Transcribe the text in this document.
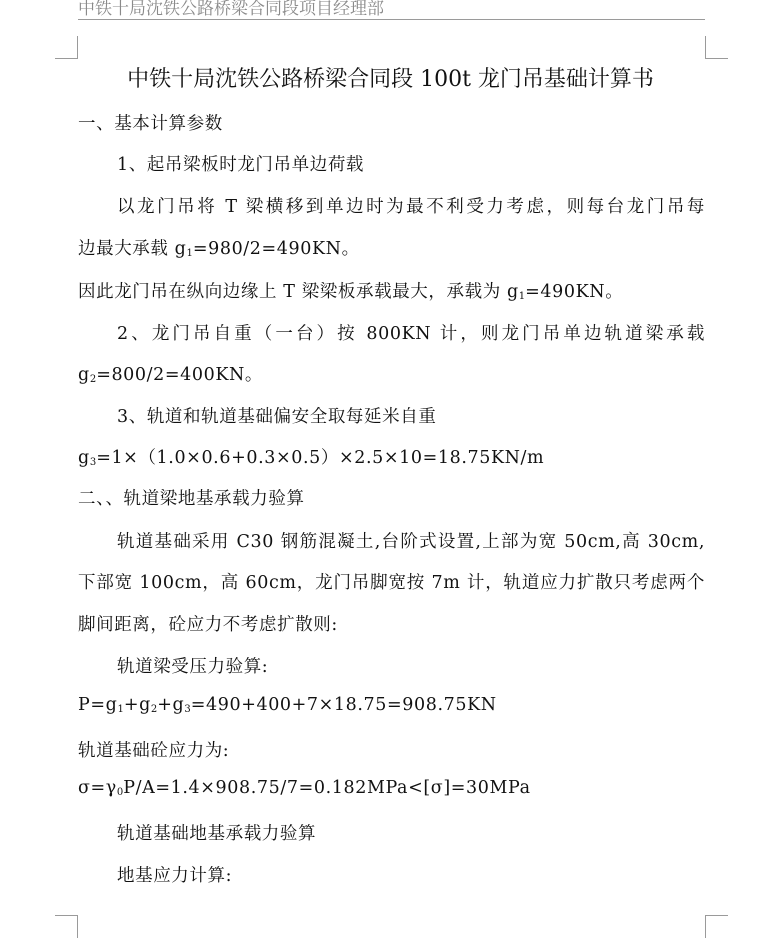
中铁十局沈铁公路桥梁合同段项目经理部
中铁十局沈铁公路桥梁合同段 100t 龙门吊基础计算书
一、基本计算参数
1、起吊梁板时龙门吊单边荷载
以龙门吊将 T 梁横移到单边时为最不利受力考虑，则每台龙门吊每
边最大承载 $g_1=980/2=490KN$。
因此龙门吊在纵向边缘上 T 梁梁板承载最大，承载为 $g_1=490KN$。
2、龙门吊自重（一台）按 800KN 计，则龙门吊单边轨道梁承载
$g_2=800/2=400KN$。
3、轨道和轨道基础偏安全取每延米自重
$g_3=1\times(1.0\times 0.6+0.3\times 0.5)\times 2.5\times 10=18.75KN/m$
二、、轨道梁地基承载力验算
轨道基础采用 C30 钢筋混凝土,台阶式设置,上部为宽 50cm,高 30cm,
下部宽 100cm，高 60cm，龙门吊脚宽按 7m 计，轨道应力扩散只考虑两个
脚间距离，砼应力不考虑扩散则:
轨道梁受压力验算:
$P=g_1+g_2+g_3=490+400+7\times 18.75=908.75KN$
轨道基础砼应力为:
$\sigma=\gamma_0P/A=1.4\times 908.75/7=0.182MPa<[\sigma]=30MPa$
轨道基础地基承载力验算
地基应力计算:
